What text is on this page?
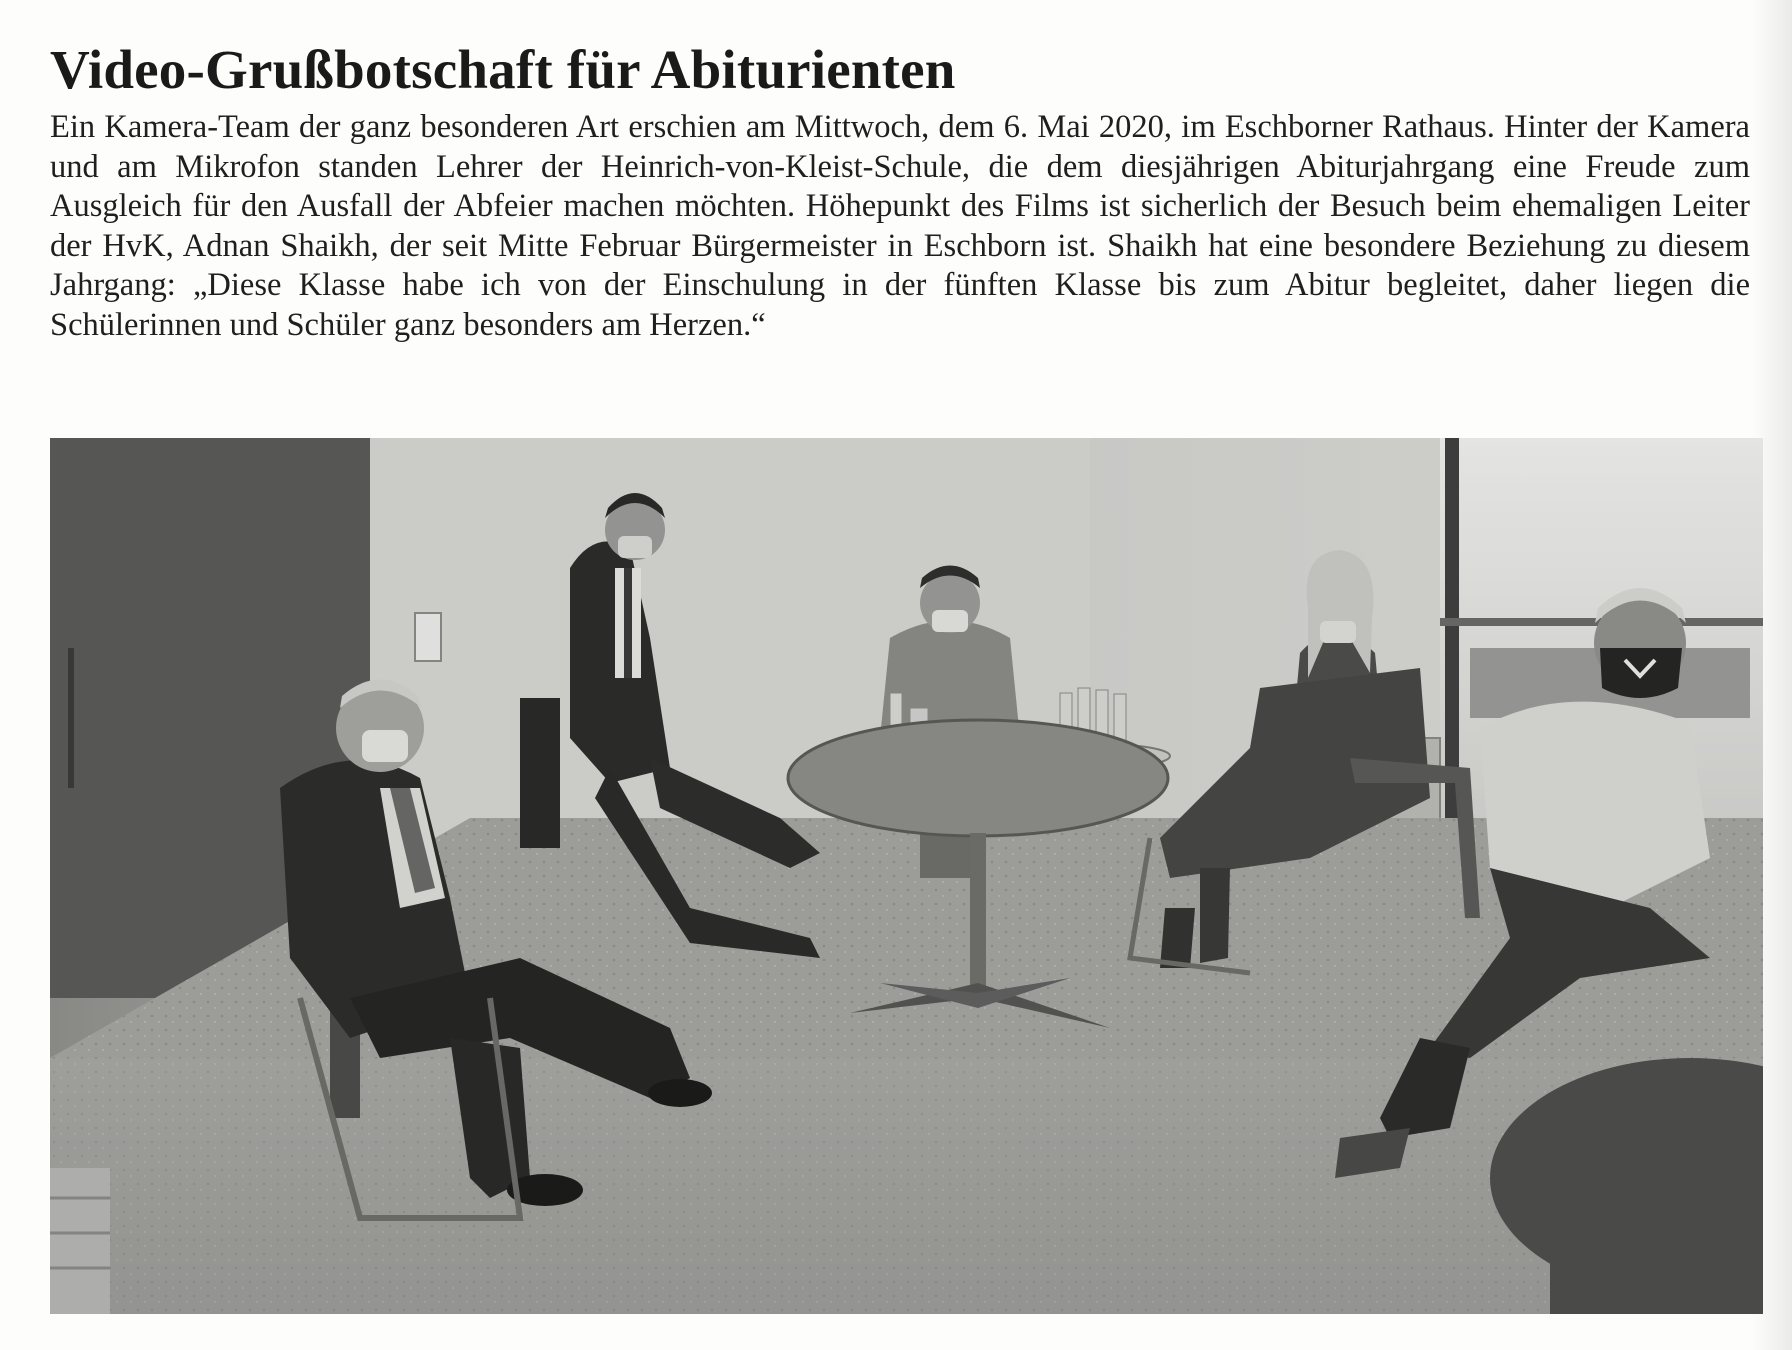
Video-Grußbotschaft für Abiturienten

Ein Kamera-Team der ganz besonderen Art erschien am Mittwoch, dem 6. Mai 2020, im Eschborner Rathaus. Hinter der Kamera und am Mikrofon standen Lehrer der Heinrich-von-Kleist-Schule, die dem diesjährigen Abiturjahrgang eine Freude zum Ausgleich für den Ausfall der Abfeier machen möchten. Höhepunkt des Films ist sicherlich der Besuch beim ehemaligen Leiter der HvK, Adnan Shaikh, der seit Mitte Februar Bürgermeister in Eschborn ist. Shaikh hat eine besondere Beziehung zu diesem Jahrgang: „Diese Klasse habe ich von der Einschulung in der fünften Klasse bis zum Abitur begleitet, daher liegen die Schülerinnen und Schüler ganz besonders am Herzen.“
